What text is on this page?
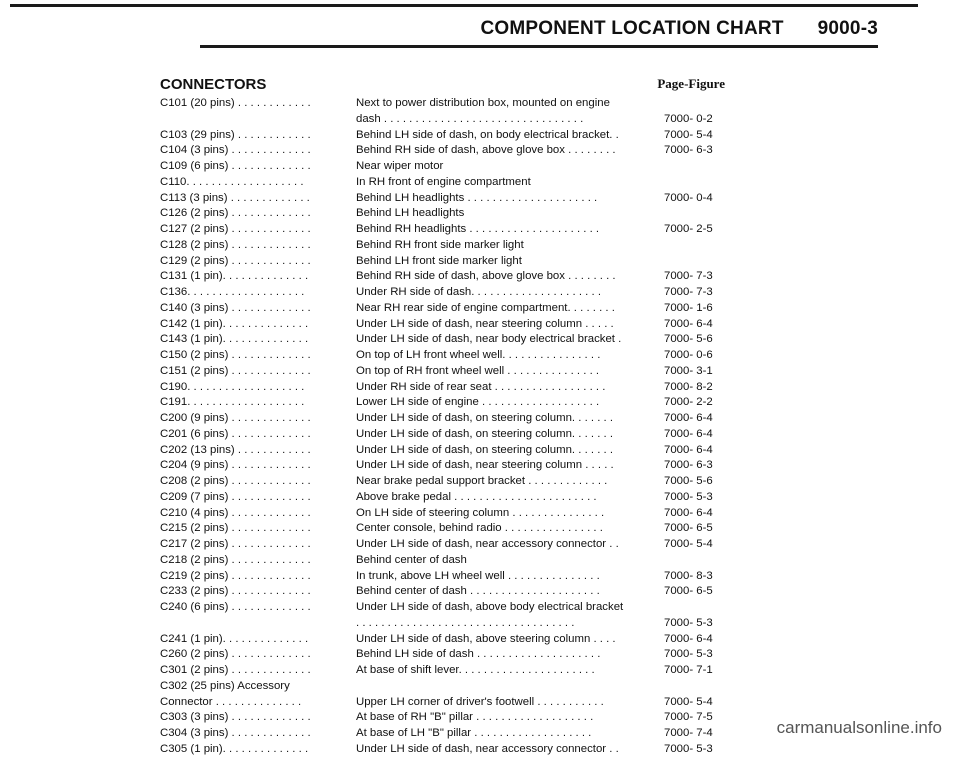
COMPONENT LOCATION CHART 9000-3
CONNECTORS	Page-Figure
C101 (20 pins) . . . . . . . . . . . .	Next to power distribution box, mounted on engine
dash . . . . . . . . . . . . . . . . . . . . . . . . . . . . . . . .	7000- 0-2
C103 (29 pins) . . . . . . . . . . . .	Behind LH side of dash, on body electrical bracket. .	7000- 5-4
C104 (3 pins) . . . . . . . . . . . . .	Behind RH side of dash, above glove box . . . . . . . .	7000- 6-3
C109 (6 pins) . . . . . . . . . . . . .	Near wiper motor
C110. . . . . . . . . . . . . . . . . . .	In RH front of engine compartment
C113 (3 pins) . . . . . . . . . . . . .	Behind LH headlights . . . . . . . . . . . . . . . . . . . . .	7000- 0-4
C126 (2 pins) . . . . . . . . . . . . .	Behind LH headlights
C127 (2 pins) . . . . . . . . . . . . .	Behind RH headlights . . . . . . . . . . . . . . . . . . . . .	7000- 2-5
C128 (2 pins) . . . . . . . . . . . . .	Behind RH front side marker light
C129 (2 pins) . . . . . . . . . . . . .	Behind LH front side marker light
C131 (1 pin). . . . . . . . . . . . . .	Behind RH side of dash, above glove box . . . . . . . .	7000- 7-3
C136. . . . . . . . . . . . . . . . . . .	Under RH side of dash. . . . . . . . . . . . . . . . . . . . .	7000- 7-3
C140 (3 pins) . . . . . . . . . . . . .	Near RH rear side of engine compartment. . . . . . . .	7000- 1-6
C142 (1 pin). . . . . . . . . . . . . .	Under LH side of dash, near steering column . . . . .	7000- 6-4
C143 (1 pin). . . . . . . . . . . . . .	Under LH side of dash, near body electrical bracket .	7000- 5-6
C150 (2 pins) . . . . . . . . . . . . .	On top of LH front wheel well. . . . . . . . . . . . . . . .	7000- 0-6
C151 (2 pins) . . . . . . . . . . . . .	On top of RH front wheel well . . . . . . . . . . . . . . .	7000- 3-1
C190. . . . . . . . . . . . . . . . . . .	Under RH side of rear seat . . . . . . . . . . . . . . . . . .	7000- 8-2
C191. . . . . . . . . . . . . . . . . . .	Lower LH side of engine . . . . . . . . . . . . . . . . . . .	7000- 2-2
C200 (9 pins) . . . . . . . . . . . . .	Under LH side of dash, on steering column. . . . . . .	7000- 6-4
C201 (6 pins) . . . . . . . . . . . . .	Under LH side of dash, on steering column. . . . . . .	7000- 6-4
C202 (13 pins) . . . . . . . . . . . .	Under LH side of dash, on steering column. . . . . . .	7000- 6-4
C204 (9 pins) . . . . . . . . . . . . .	Under LH side of dash, near steering column . . . . .	7000- 6-3
C208 (2 pins) . . . . . . . . . . . . .	Near brake pedal support bracket . . . . . . . . . . . . .	7000- 5-6
C209 (7 pins) . . . . . . . . . . . . .	Above brake pedal . . . . . . . . . . . . . . . . . . . . . . .	7000- 5-3
C210 (4 pins) . . . . . . . . . . . . .	On LH side of steering column . . . . . . . . . . . . . . .	7000- 6-4
C215 (2 pins) . . . . . . . . . . . . .	Center console, behind radio . . . . . . . . . . . . . . . .	7000- 6-5
C217 (2 pins) . . . . . . . . . . . . .	Under LH side of dash, near accessory connector . .	7000- 5-4
C218 (2 pins) . . . . . . . . . . . . .	Behind center of dash
C219 (2 pins) . . . . . . . . . . . . .	In trunk, above LH wheel well . . . . . . . . . . . . . . .	7000- 8-3
C233 (2 pins) . . . . . . . . . . . . .	Behind center of dash . . . . . . . . . . . . . . . . . . . . .	7000- 6-5
C240 (6 pins) . . . . . . . . . . . . .	Under LH side of dash, above body electrical bracket
. . . . . . . . . . . . . . . . . . . . . . . . . . . . . . . . . . .	7000- 5-3
C241 (1 pin). . . . . . . . . . . . . .	Under LH side of dash, above steering column . . . .	7000- 6-4
C260 (2 pins) . . . . . . . . . . . . .	Behind LH side of dash . . . . . . . . . . . . . . . . . . . .	7000- 5-3
C301 (2 pins) . . . . . . . . . . . . .	At base of shift lever. . . . . . . . . . . . . . . . . . . . . .	7000- 7-1
C302 (25 pins) Accessory
Connector . . . . . . . . . . . . . .	Upper LH corner of driver's footwell . . . . . . . . . . .	7000- 5-4
C303 (3 pins) . . . . . . . . . . . . .	At base of RH "B" pillar . . . . . . . . . . . . . . . . . . .	7000- 7-5
C304 (3 pins) . . . . . . . . . . . . .	At base of LH "B" pillar . . . . . . . . . . . . . . . . . . .	7000- 7-4
C305 (1 pin). . . . . . . . . . . . . .	Under LH side of dash, near accessory connector . .	7000- 5-3
carmanualsonline.info
